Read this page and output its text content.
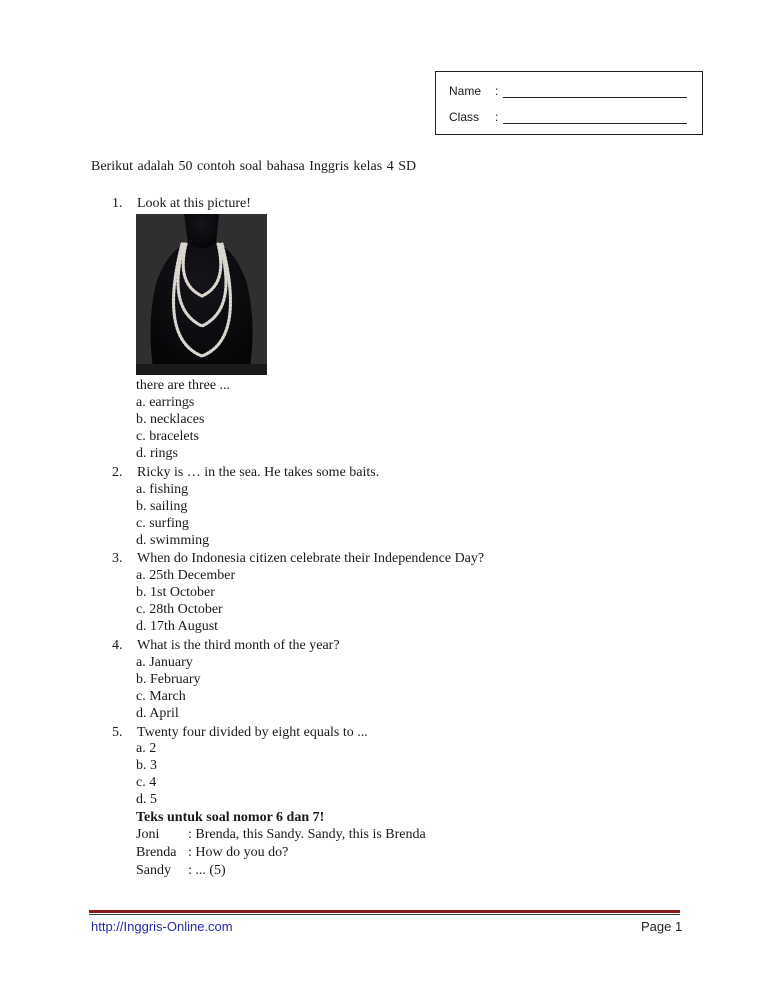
Name	:
Class	:
Berikut adalah 50 contoh soal bahasa Inggris kelas 4 SD
1.	Look at this picture!
there are three ...
a. earrings
b. necklaces
c. bracelets
d. rings
2.	Ricky is … in the sea. He takes some baits.
a. fishing
b. sailing
c. surfing
d. swimming
3.	When do Indonesia citizen celebrate their Independence Day?
a. 25th December
b. 1st October
c. 28th October
d. 17th August
4.	What is the third month of the year?
a. January
b. February
c. March
d. April
5.	Twenty four divided by eight equals to ...
a. 2
b. 3
c. 4
d. 5
Teks untuk soal nomor 6 dan 7!
Joni : Brenda, this Sandy. Sandy, this is Brenda
Brenda : How do you do?
Sandy : ... (5)
http://Inggris-Online.com	Page 1
